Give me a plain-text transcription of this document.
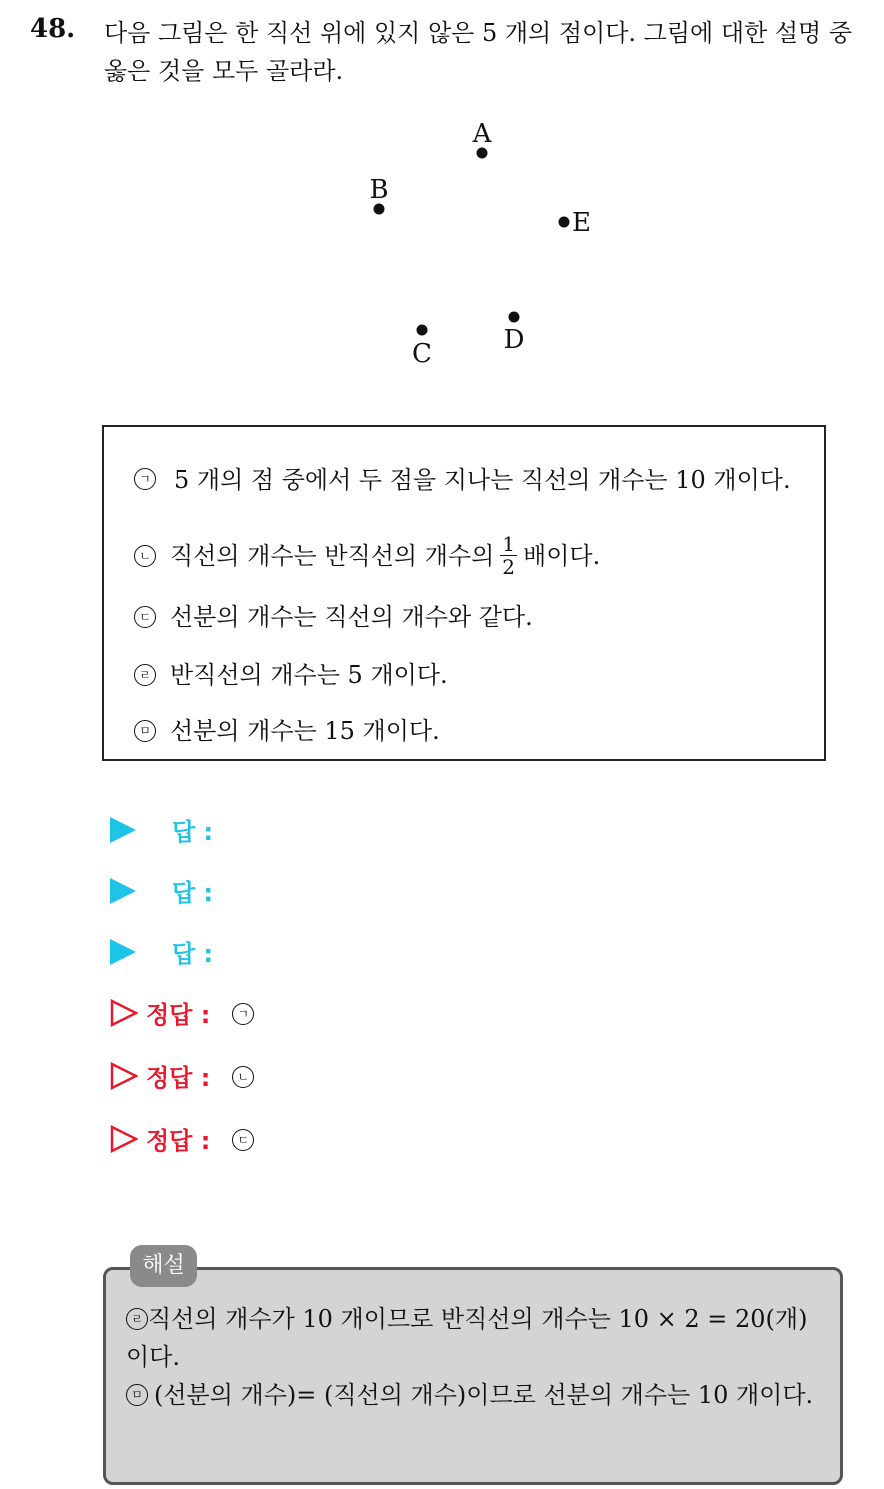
48. 다음 그림은 한 직선 위에 있지 않은 5 개의 점이다. 그림에 대한 설명 중 옳은 것을 모두 골라라.
A
B
E
C	D
ㄱ 5 개의 점 중에서 두 점을 지나는 직선의 개수는 10 개이다.
ㄴ 직선의 개수는 반직선의 개수의 $\frac{1}{2}$ 배이다.
ㄷ 선분의 개수는 직선의 개수와 같다.
ㄹ 반직선의 개수는 5 개이다.
ㅁ 선분의 개수는 15 개이다.
답 :
답 :
답 :
정답 : ㄱ
정답 : ㄴ
정답 : ㄷ
ㄹ 직선의 개수가 10 개이므로 반직선의 개수는 10 × 2 = 20(개) 이다.
ㅁ (선분의 개수)= (직선의 개수)이므로 선분의 개수는 10 개이다.
해설
